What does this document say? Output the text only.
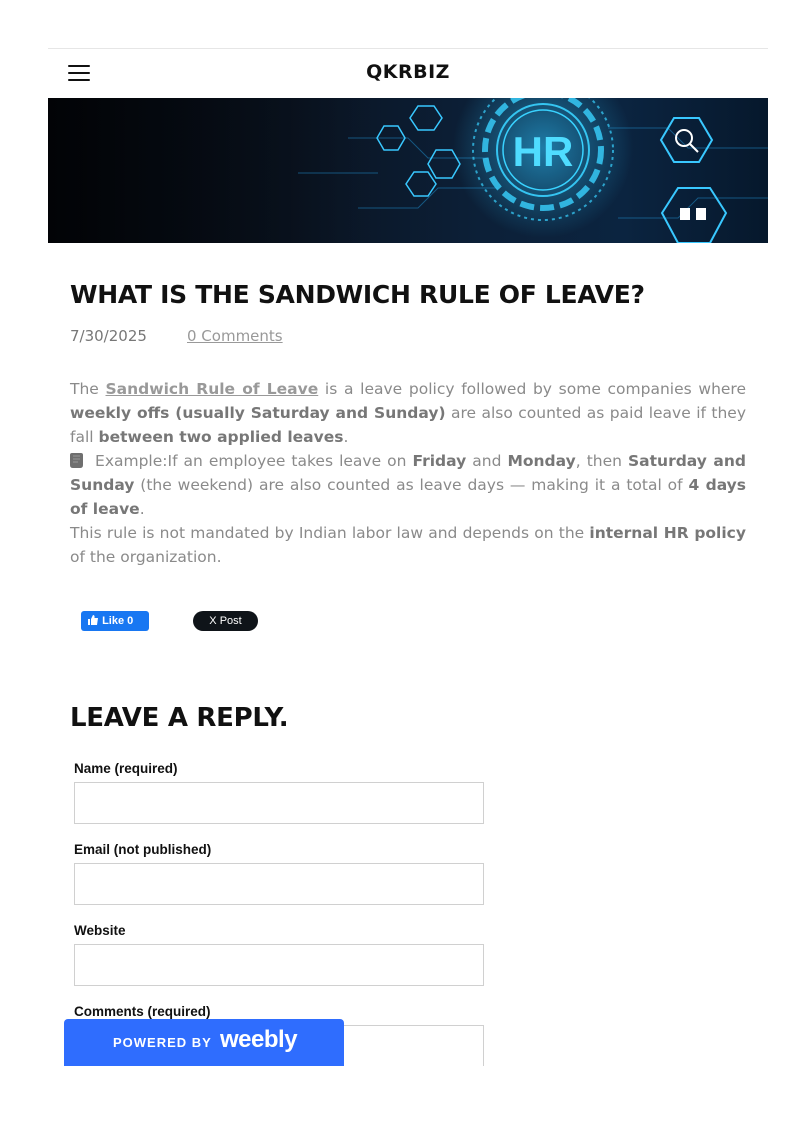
QKRBIZ
HR
WHAT IS THE SANDWICH RULE OF LEAVE?
7/30/2025	0 Comments
The Sandwich Rule of Leave is a leave policy followed by some companies where weekly offs (usually Saturday and Sunday) are also counted as paid leave if they fall between two applied leaves.
Example:If an employee takes leave on Friday and Monday, then Saturday and Sunday (the weekend) are also counted as leave days — making it a total of 4 days of leave.
This rule is not mandated by Indian labor law and depends on the internal HR policy of the organization.
Like 0	X Post
LEAVE A REPLY.
Name (required)
Email (not published)
Website
Comments (required)
POWERED BY weebly
